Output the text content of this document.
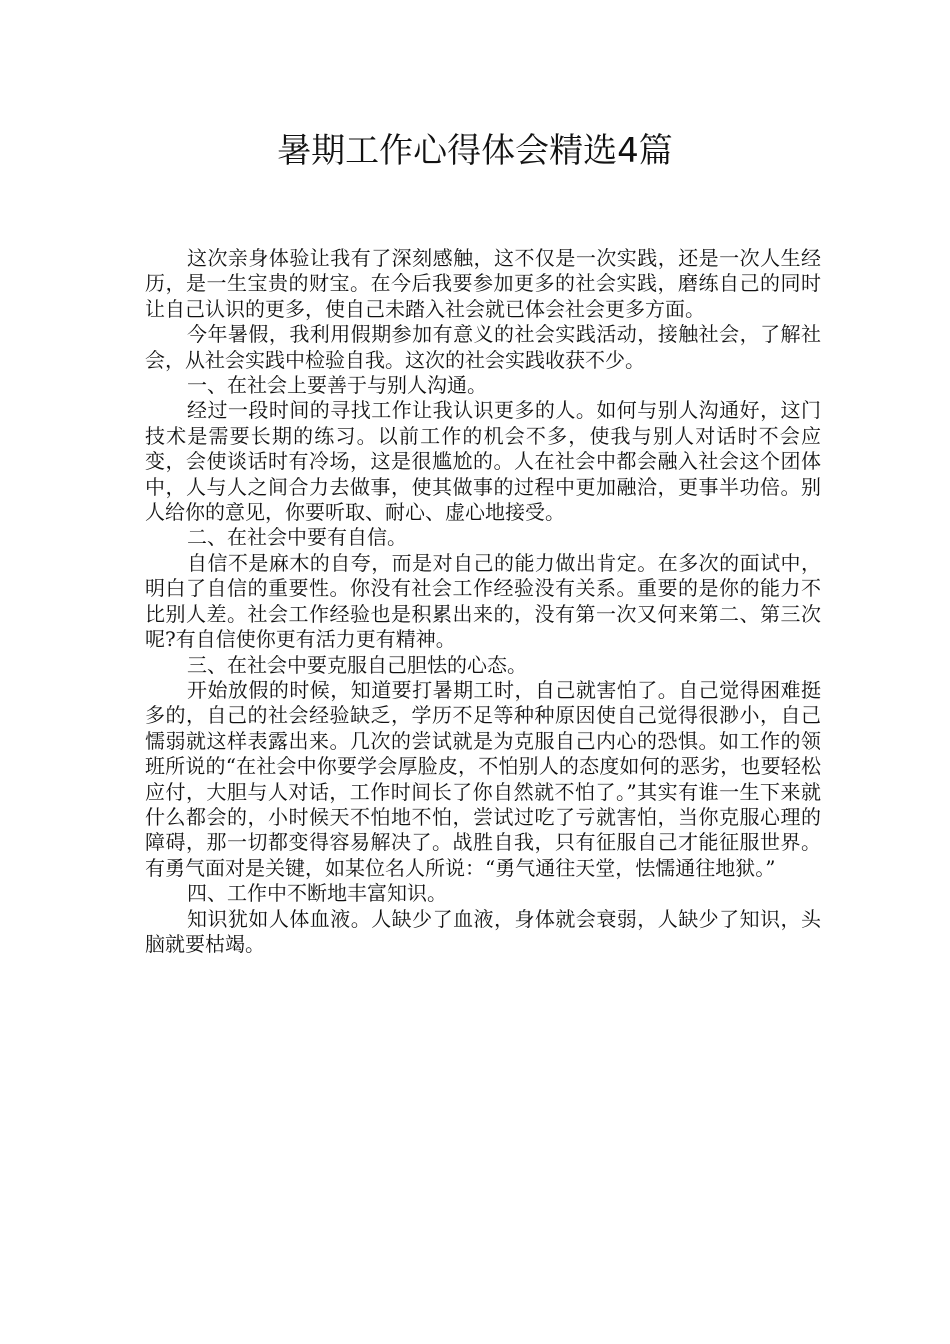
暑期工作心得体会精选4篇

这次亲身体验让我有了深刻感触，这不仅是一次实践，还是一次人生经历，是一生宝贵的财宝。在今后我要参加更多的社会实践，磨练自己的同时让自己认识的更多，使自己未踏入社会就已体会社会更多方面。

今年暑假，我利用假期参加有意义的社会实践活动，接触社会，了解社会，从社会实践中检验自我。这次的社会实践收获不少。

一、在社会上要善于与别人沟通。

经过一段时间的寻找工作让我认识更多的人。如何与别人沟通好，这门技术是需要长期的练习。以前工作的机会不多，使我与别人对话时不会应变，会使谈话时有冷场，这是很尴尬的。人在社会中都会融入社会这个团体中，人与人之间合力去做事，使其做事的过程中更加融洽，更事半功倍。别人给你的意见，你要听取、耐心、虚心地接受。

二、在社会中要有自信。

自信不是麻木的自夸，而是对自己的能力做出肯定。在多次的面试中，明白了自信的重要性。你没有社会工作经验没有关系。重要的是你的能力不比别人差。社会工作经验也是积累出来的，没有第一次又何来第二、第三次呢?有自信使你更有活力更有精神。

三、在社会中要克服自己胆怯的心态。

开始放假的时候，知道要打暑期工时，自己就害怕了。自己觉得困难挺多的，自己的社会经验缺乏，学历不足等种种原因使自己觉得很渺小，自己懦弱就这样表露出来。几次的尝试就是为克服自己内心的恐惧。如工作的领班所说的“在社会中你要学会厚脸皮，不怕别人的态度如何的恶劣，也要轻松应付，大胆与人对话，工作时间长了你自然就不怕了。”其实有谁一生下来就什么都会的，小时候天不怕地不怕，尝试过吃了亏就害怕，当你克服心理的障碍，那一切都变得容易解决了。战胜自我，只有征服自己才能征服世界。有勇气面对是关键，如某位名人所说：“勇气通往天堂，怯懦通往地狱。”

四、工作中不断地丰富知识。

知识犹如人体血液。人缺少了血液，身体就会衰弱，人缺少了知识，头脑就要枯竭。
